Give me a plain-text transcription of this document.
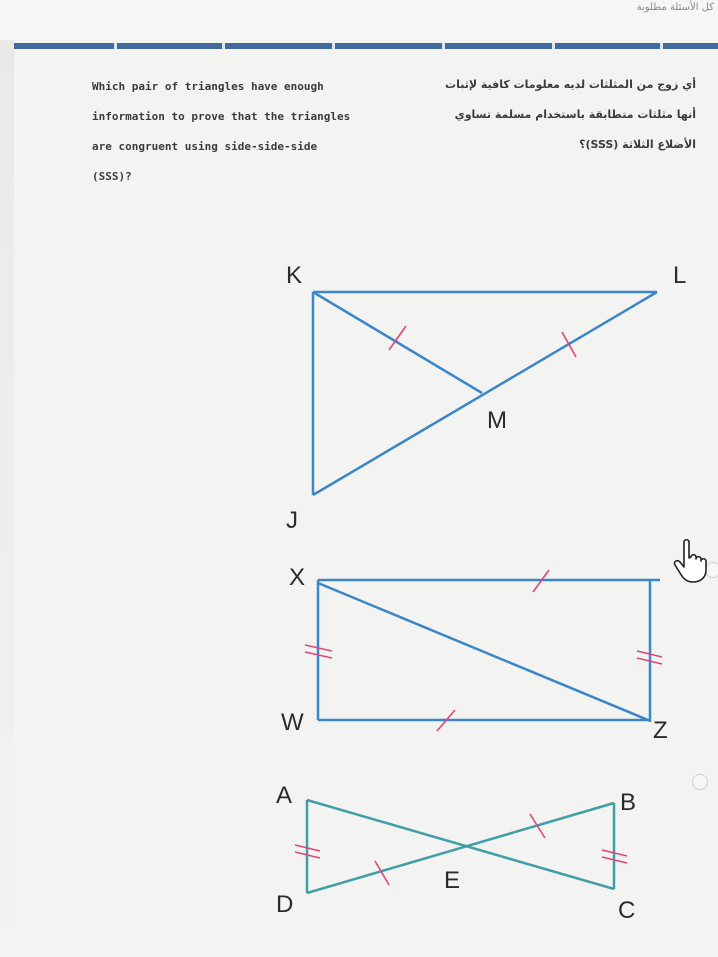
كل الأسئلة مطلوبة
Which pair of triangles have enough
information to prove that the triangles
are congruent using side-side-side
(SSS)?
أي زوج من المثلثات لديه معلومات كافية لإثبات
أنها مثلثات متطابقة باستخدام مسلمة تساوي
الأضلاع الثلاثة (SSS)؟
K	L
M
J
X
W	Z
A	B
C
D
E
